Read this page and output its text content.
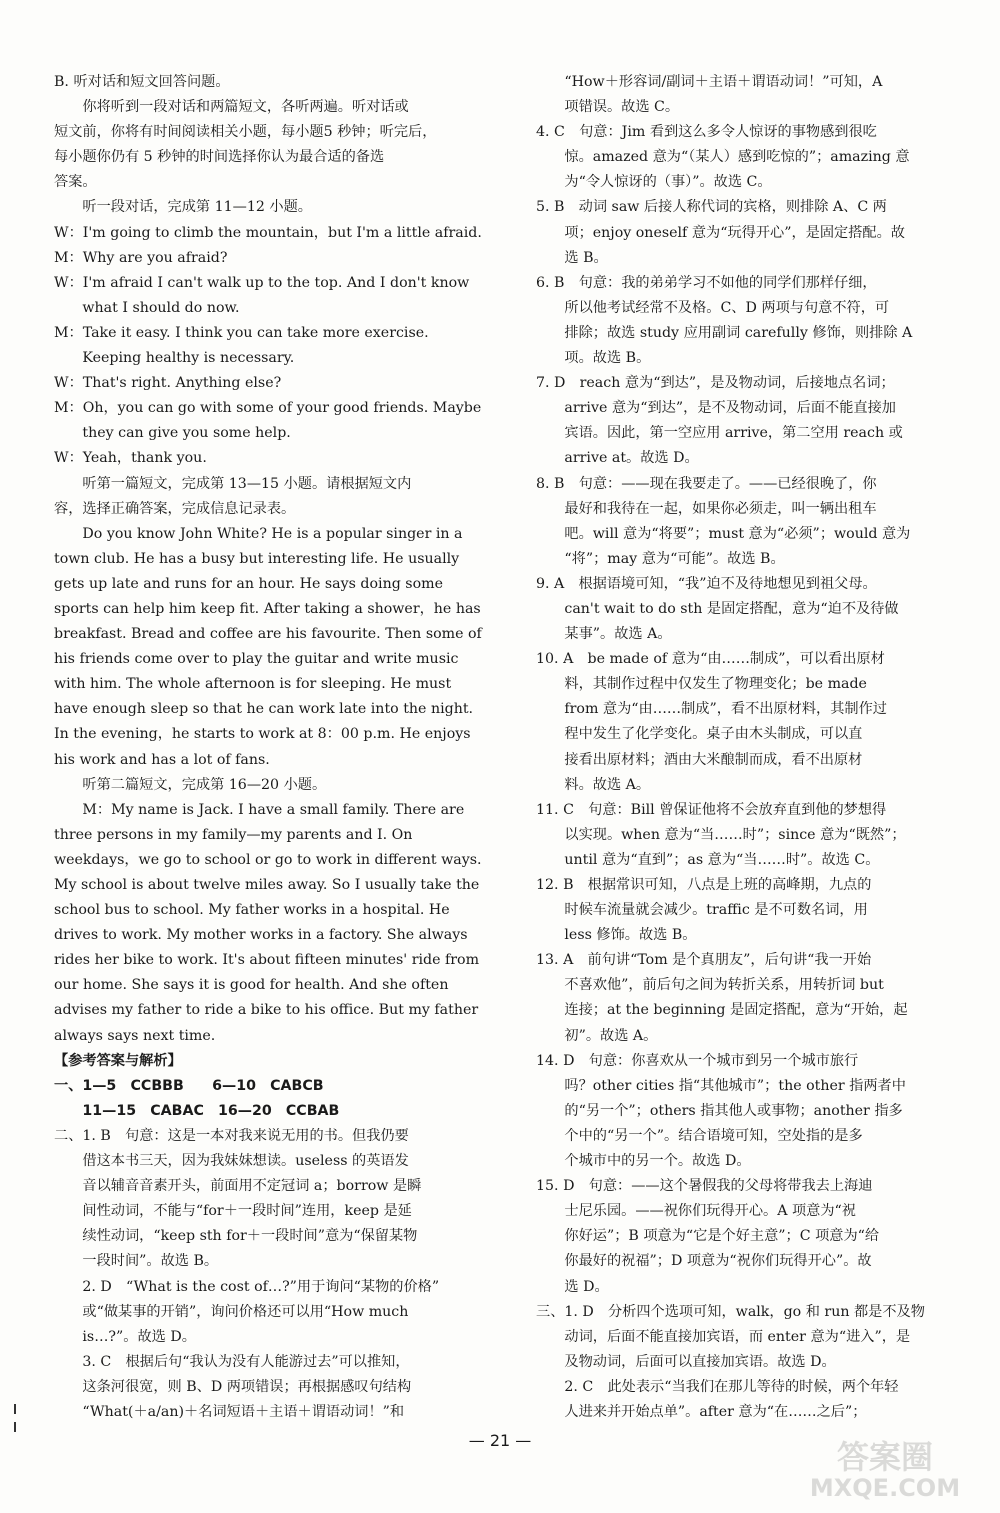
B. 听对话和短文回答问题。
你将听到一段对话和两篇短文，各听两遍。听对话或
短文前，你将有时间阅读相关小题，每小题5 秒钟；听完后，
每小题你仍有 5 秒钟的时间选择你认为最合适的备选
答案。
听一段对话，完成第 11—12 小题。
W：I'm going to climb the mountain，but I'm a little afraid.
M：Why are you afraid?
W：I'm afraid I can't walk up to the top. And I don't know
what I should do now.
M：Take it easy. I think you can take more exercise.
Keeping healthy is necessary.
W：That's right. Anything else?
M：Oh，you can go with some of your good friends. Maybe
they can give you some help.
W：Yeah，thank you.
听第一篇短文，完成第 13—15 小题。请根据短文内
容，选择正确答案，完成信息记录表。
Do you know John White? He is a popular singer in a
town club. He has a busy but interesting life. He usually
gets up late and runs for an hour. He says doing some
sports can help him keep fit. After taking a shower，he has
breakfast. Bread and coffee are his favourite. Then some of
his friends come over to play the guitar and write music
with him. The whole afternoon is for sleeping. He must
have enough sleep so that he can work late into the night.
In the evening，he starts to work at 8：00 p.m. He enjoys
his work and has a lot of fans.
听第二篇短文，完成第 16—20 小题。
M：My name is Jack. I have a small family. There are
three persons in my family—my parents and I. On
weekdays，we go to school or go to work in different ways.
My school is about twelve miles away. So I usually take the
school bus to school. My father works in a hospital. He
drives to work. My mother works in a factory. She always
rides her bike to work. It's about fifteen minutes' ride from
our home. She says it is good for health. And she often
advises my father to ride a bike to his office. But my father
always says next time.
【参考答案与解析】
一、1—5　CCBBB　　6—10　CABCB
11—15　CABAC　16—20　CCBAB
二、1. B　句意：这是一本对我来说无用的书。但我仍要
借这本书三天，因为我妹妹想读。useless 的英语发
音以辅音音素开头，前面用不定冠词 a；borrow 是瞬
间性动词，不能与“for＋一段时间”连用，keep 是延
续性动词，“keep sth for＋一段时间”意为“保留某物
一段时间”。故选 B。
2. D　“What is the cost of…?”用于询问“某物的价格”
或“做某事的开销”，询问价格还可以用“How much
is…?”。故选 D。
3. C　根据后句“我认为没有人能游过去”可以推知，
这条河很宽，则 B、D 两项错误；再根据感叹句结构
“What(＋a/an)＋名词短语＋主语＋谓语动词！”和
“How＋形容词/副词＋主语＋谓语动词！”可知，A
项错误。故选 C。
4. C　句意：Jim 看到这么多令人惊讶的事物感到很吃
惊。amazed 意为“（某人）感到吃惊的”；amazing 意
为“令人惊讶的（事）”。故选 C。
5. B　动词 saw 后接人称代词的宾格，则排除 A、C 两
项；enjoy oneself 意为“玩得开心”，是固定搭配。故
选 B。
6. B　句意：我的弟弟学习不如他的同学们那样仔细，
所以他考试经常不及格。C、D 两项与句意不符，可
排除；故选 study 应用副词 carefully 修饰，则排除 A
项。故选 B。
7. D　reach 意为“到达”，是及物动词，后接地点名词；
arrive 意为“到达”，是不及物动词，后面不能直接加
宾语。因此，第一空应用 arrive，第二空用 reach 或
arrive at。故选 D。
8. B　句意：——现在我要走了。——已经很晚了，你
最好和我待在一起，如果你必须走，叫一辆出租车
吧。will 意为“将要”；must 意为“必须”；would 意为
“将”；may 意为“可能”。故选 B。
9. A　根据语境可知，“我”迫不及待地想见到祖父母。
can't wait to do sth 是固定搭配，意为“迫不及待做
某事”。故选 A。
10. A　be made of 意为“由……制成”，可以看出原材
料，其制作过程中仅发生了物理变化；be made
from 意为“由……制成”，看不出原材料，其制作过
程中发生了化学变化。桌子由木头制成，可以直
接看出原材料；酒由大米酿制而成，看不出原材
料。故选 A。
11. C　句意：Bill 曾保证他将不会放弃直到他的梦想得
以实现。when 意为“当……时”；since 意为“既然”；
until 意为“直到”；as 意为“当……时”。故选 C。
12. B　根据常识可知，八点是上班的高峰期，九点的
时候车流量就会减少。traffic 是不可数名词，用
less 修饰。故选 B。
13. A　前句讲“Tom 是个真朋友”，后句讲“我一开始
不喜欢他”，前后句之间为转折关系，用转折词 but
连接；at the beginning 是固定搭配，意为“开始，起
初”。故选 A。
14. D　句意：你喜欢从一个城市到另一个城市旅行
吗？other cities 指“其他城市”；the other 指两者中
的“另一个”；others 指其他人或事物；another 指多
个中的“另一个”。结合语境可知，空处指的是多
个城市中的另一个。故选 D。
15. D　句意：——这个暑假我的父母将带我去上海迪
士尼乐园。——祝你们玩得开心。A 项意为“祝
你好运”；B 项意为“它是个好主意”；C 项意为“给
你最好的祝福”；D 项意为“祝你们玩得开心”。故
选 D。
三、1. D　分析四个选项可知，walk，go 和 run 都是不及物
动词，后面不能直接加宾语，而 enter 意为“进入”，是
及物动词，后面可以直接加宾语。故选 D。
2. C　此处表示“当我们在那儿等待的时候，两个年轻
人进来并开始点单”。after 意为“在……之后”；
— 21 —	答案圈
MXQE.COM
